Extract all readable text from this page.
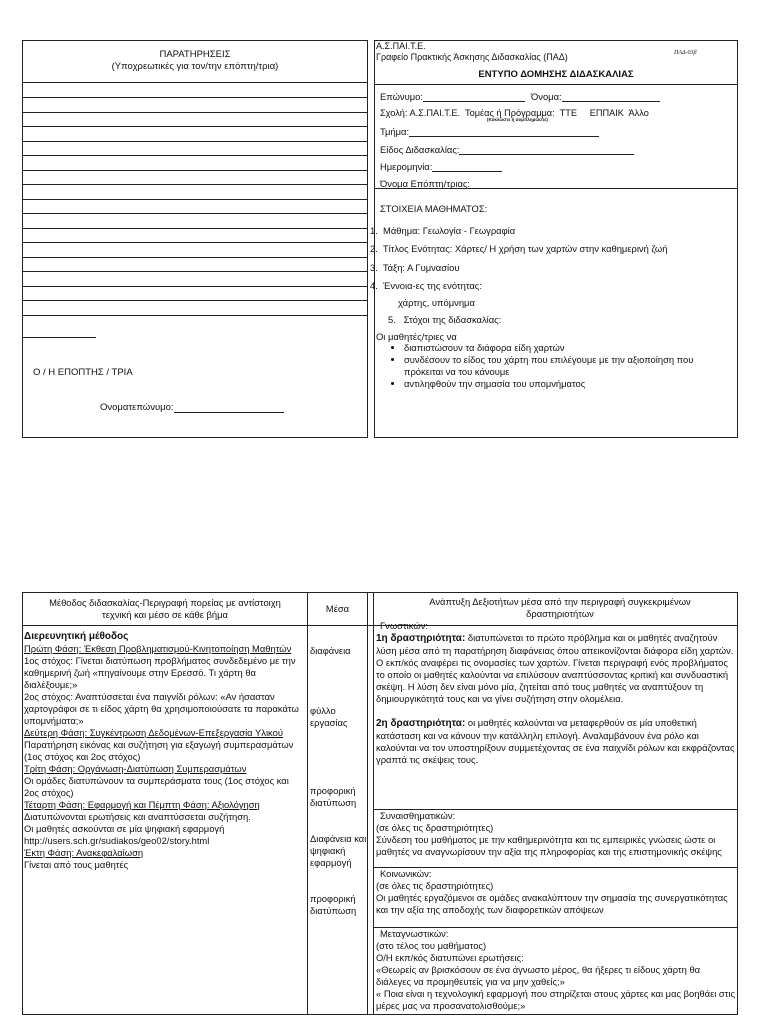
ΠΑΡΑΤΗΡΗΣΕΙΣ
(Υποχρεωτικές για τον/την επόπτη/τρια)
Ο / Η ΕΠΟΠΤΗΣ / ΤΡΙΑ
Ονοματεπώνυμο:
Α.Σ.ΠΑΙ.Τ.Ε.
Γραφείο Πρακτικής Άσκησης Διδασκαλίας (ΠΑΔ)	ΠΑΔ-03β
ΕΝΤΥΠΟ ΔΟΜΗΣΗΣ ΔΙΔΑΣΚΑΛΙΑΣ
Επώνυμο:	Όνομα:
Σχολή: Α.Σ.ΠΑΙ.Τ.Ε.  Τομέας ή Πρόγραμμα:  ΤΤΕ     ΕΠΠΑΙΚ  Άλλο
(Κυκλώστε ή συμπληρώστε)
Τμήμα:
Είδος Διδασκαλίας:
Ημερομηνία:
Όνομα Επόπτη/τριας:
ΣΤΟΙΧΕΙΑ ΜΑΘΗΜΑΤΟΣ:
1. Μάθημα: Γεωλογία - Γεωγραφία
2. Τίτλος Ενότητας: Χάρτες/ Η χρήση των χαρτών στην καθημερινή ζωή
3. Τάξη: Α Γυμνασίου
4. Έννοια-ες της ενότητας:
χάρτης, υπόμνημα
5.   Στόχοι της διδασκαλίας:
Οι μαθητές/τριες να
• διαπιστώσουν τα διάφορα είδη χαρτών
• συνδέσουν το είδος του χάρτη που επιλέγουμε με την αξιοποίηση που πρόκειται να του κάνουμε
• αντιληφθούν την σημασία του υπομνήματος
Μέθοδος διδασκαλίας-Περιγραφή πορείας με αντίστοιχη τεχνική και μέσο σε κάθε βήμα
Μέσα
Ανάπτυξη Δεξιοτήτων μέσα από την περιγραφή συγκεκριμένων δραστηριοτήτων
Διερευνητική μέθοδος
Πρώτη Φάση: Έκθεση Προβληματισμού-Κινητοποίηση Μαθητών
1ος στόχος: Γίνεται διατύπωση προβλήματος συνδεδεμένο με την καθημερινή ζωή «πηγαίνουμε στην Ερεσσό. Τι χάρτη θα διαλέξουμε;»
2ος στόχος: Αναπτύσσεται ένα παιγνίδι ρόλων: «Αν ήσασταν χαρτογράφοι σε τι είδος χάρτη θα χρησιμοποιούσατε τα παρακάτω υπομνήματα;»
Δεύτερη Φάση: Συγκέντρωση Δεδομένων-Επεξεργασία Υλικού
Παρατήρηση εικόνας και συζήτηση για εξαγωγή συμπερασμάτων (1ος στόχος και 2ος στόχος)
Τρίτη Φάση: Οργάνωση-Διατύπωση Συμπερασμάτων
Οι ομάδες διατυπώνουν τα συμπεράσματα τους (1ος στόχος και 2ος στόχος)
Τέταρτη Φάση: Εφαρμογή και Πέμπτη Φάση: Αξιολόγηση
Διατυπώνονται ερωτήσεις και αναπτύσσεται συζήτηση.
Οι μαθητές ασκούνται σε μία ψηφιακή εφαρμογή http://users.sch.gr/sudiakos/geo02/story.html
Έκτη Φάση: Ανακεφαλαίωση
Γίνεται από τους μαθητές
διαφάνεια
φύλλο εργασίας
προφορική διατύπωση
Διαφάνεια και ψηφιακή εφαρμογή
προφορική διατύπωση
Γνωστικών:
1η δραστηριότητα: διατυπώνεται το πρώτο πρόβλημα και οι μαθητές αναζητούν λύση μέσα από τη παρατήρηση διαφάνειας όπου απεικονίζονται διάφορα είδη χαρτών. Ο εκπ/κός αναφέρει τις ονομασίες των χαρτών. Γίνεται περιγραφή ενός προβλήματος το οποίο οι μαθητές καλούνται να επιλύσουν αναπτύσσοντας κριτική και συνδυαστική σκέψη. Η λύση δεν είναι μόνο μία, ζητείται από τους μαθητές να αναπτύξουν τη δημιουργικότητά τους και να γίνει συζήτηση στην ολομέλεια.
2η δραστηριότητα: οι μαθητές καλούνται να μεταφερθούν σε μία υποθετική κατάσταση και να κάνουν την κατάλληλη επιλογή. Αναλαμβάνουν ένα ρόλο και καλούνται να τον υποστηρίξουν συμμετέχοντας σε ένα παιχνίδι ρόλων και εκφράζοντας γραπτά τις σκέψεις τους.
Συναισθηματικών:
(σε όλες τις δραστηριότητες)
Σύνδεση του μαθήματος με την καθημερινότητα και τις εμπειρικές γνώσεις ώστε οι μαθητές να αναγνωρίσουν την αξία της πληροφορίας και της επιστημονικής σκέψης
Κοινωνικών:
(σε όλες τις δραστηριότητες)
Οι μαθητές εργαζόμενοι σε ομάδες ανακαλύπτουν την σημασία της συνεργατικότητας και την αξία της αποδοχής των διαφορετικών απόψεων
Μεταγνωστικών:
(στο τέλος του μαθήματος)
Ο/Η εκπ/κός διατυπώνει ερωτήσεις:
«Θεωρείς αν βρισκόσουν σε ένα άγνωστο μέρος, θα ήξερες τι είδους χάρτη θα διάλεγες να προμηθευτείς για να μην χαθείς;»
« Ποια είναι η τεχνολογική εφαρμογή που στηρίζεται στους χάρτες και μας βοηθάει στις μέρες μας να προσανατολισθούμε;»
